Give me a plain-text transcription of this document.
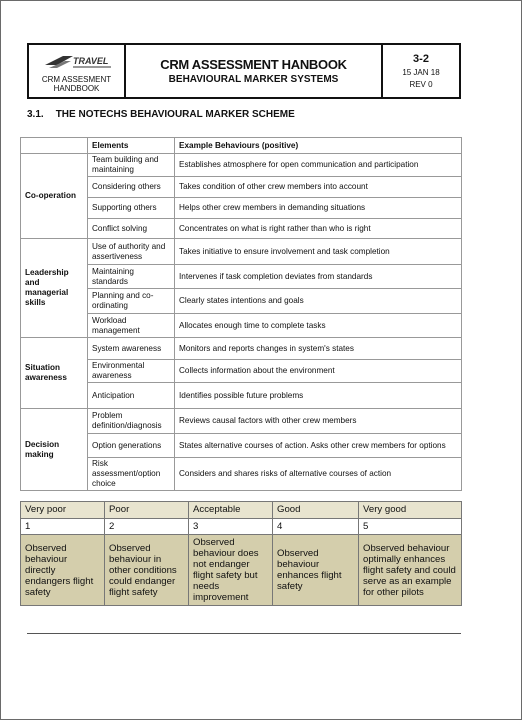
TRAVEL
CRM ASSESMENT HANDBOOK
CRM ASSESSMENT HANBOOK
BEHAVIOURAL MARKER SYSTEMS
3-2
15 JAN 18
REV 0
3.1. THE NOTECHS BEHAVIOURAL MARKER SCHEME
	Elements	Example Behaviours (positive)
Co-operation	Team building and maintaining	Establishes atmosphere for open communication and participation
	Considering others	Takes condition of other crew members into account
	Supporting others	Helps other crew members in demanding situations
	Conflict solving	Concentrates on what is right rather than who is right
Leadership and managerial skills	Use of authority and assertiveness	Takes initiative to ensure involvement and task completion
	Maintaining standards	Intervenes if task completion deviates from standards
	Planning and co-ordinating	Clearly states intentions and goals
	Workload management	Allocates enough time to complete tasks
Situation awareness	System awareness	Monitors and reports changes in system's states
	Environmental awareness	Collects information about the environment
	Anticipation	Identifies possible future problems
Decision making	Problem definition/diagnosis	Reviews causal factors with other crew members
	Option generations	States alternative courses of action. Asks other crew members for options
	Risk assessment/option choice	Considers and shares risks of alternative courses of action
Very poor	Poor	Acceptable	Good	Very good
1	2	3	4	5
Observed behaviour directly endangers flight safety	Observed behaviour in other conditions could endanger flight safety	Observed behaviour does not endanger flight safety but needs improvement	Observed behaviour enhances flight safety	Observed behaviour optimally enhances flight safety and could serve as an example for other pilots
